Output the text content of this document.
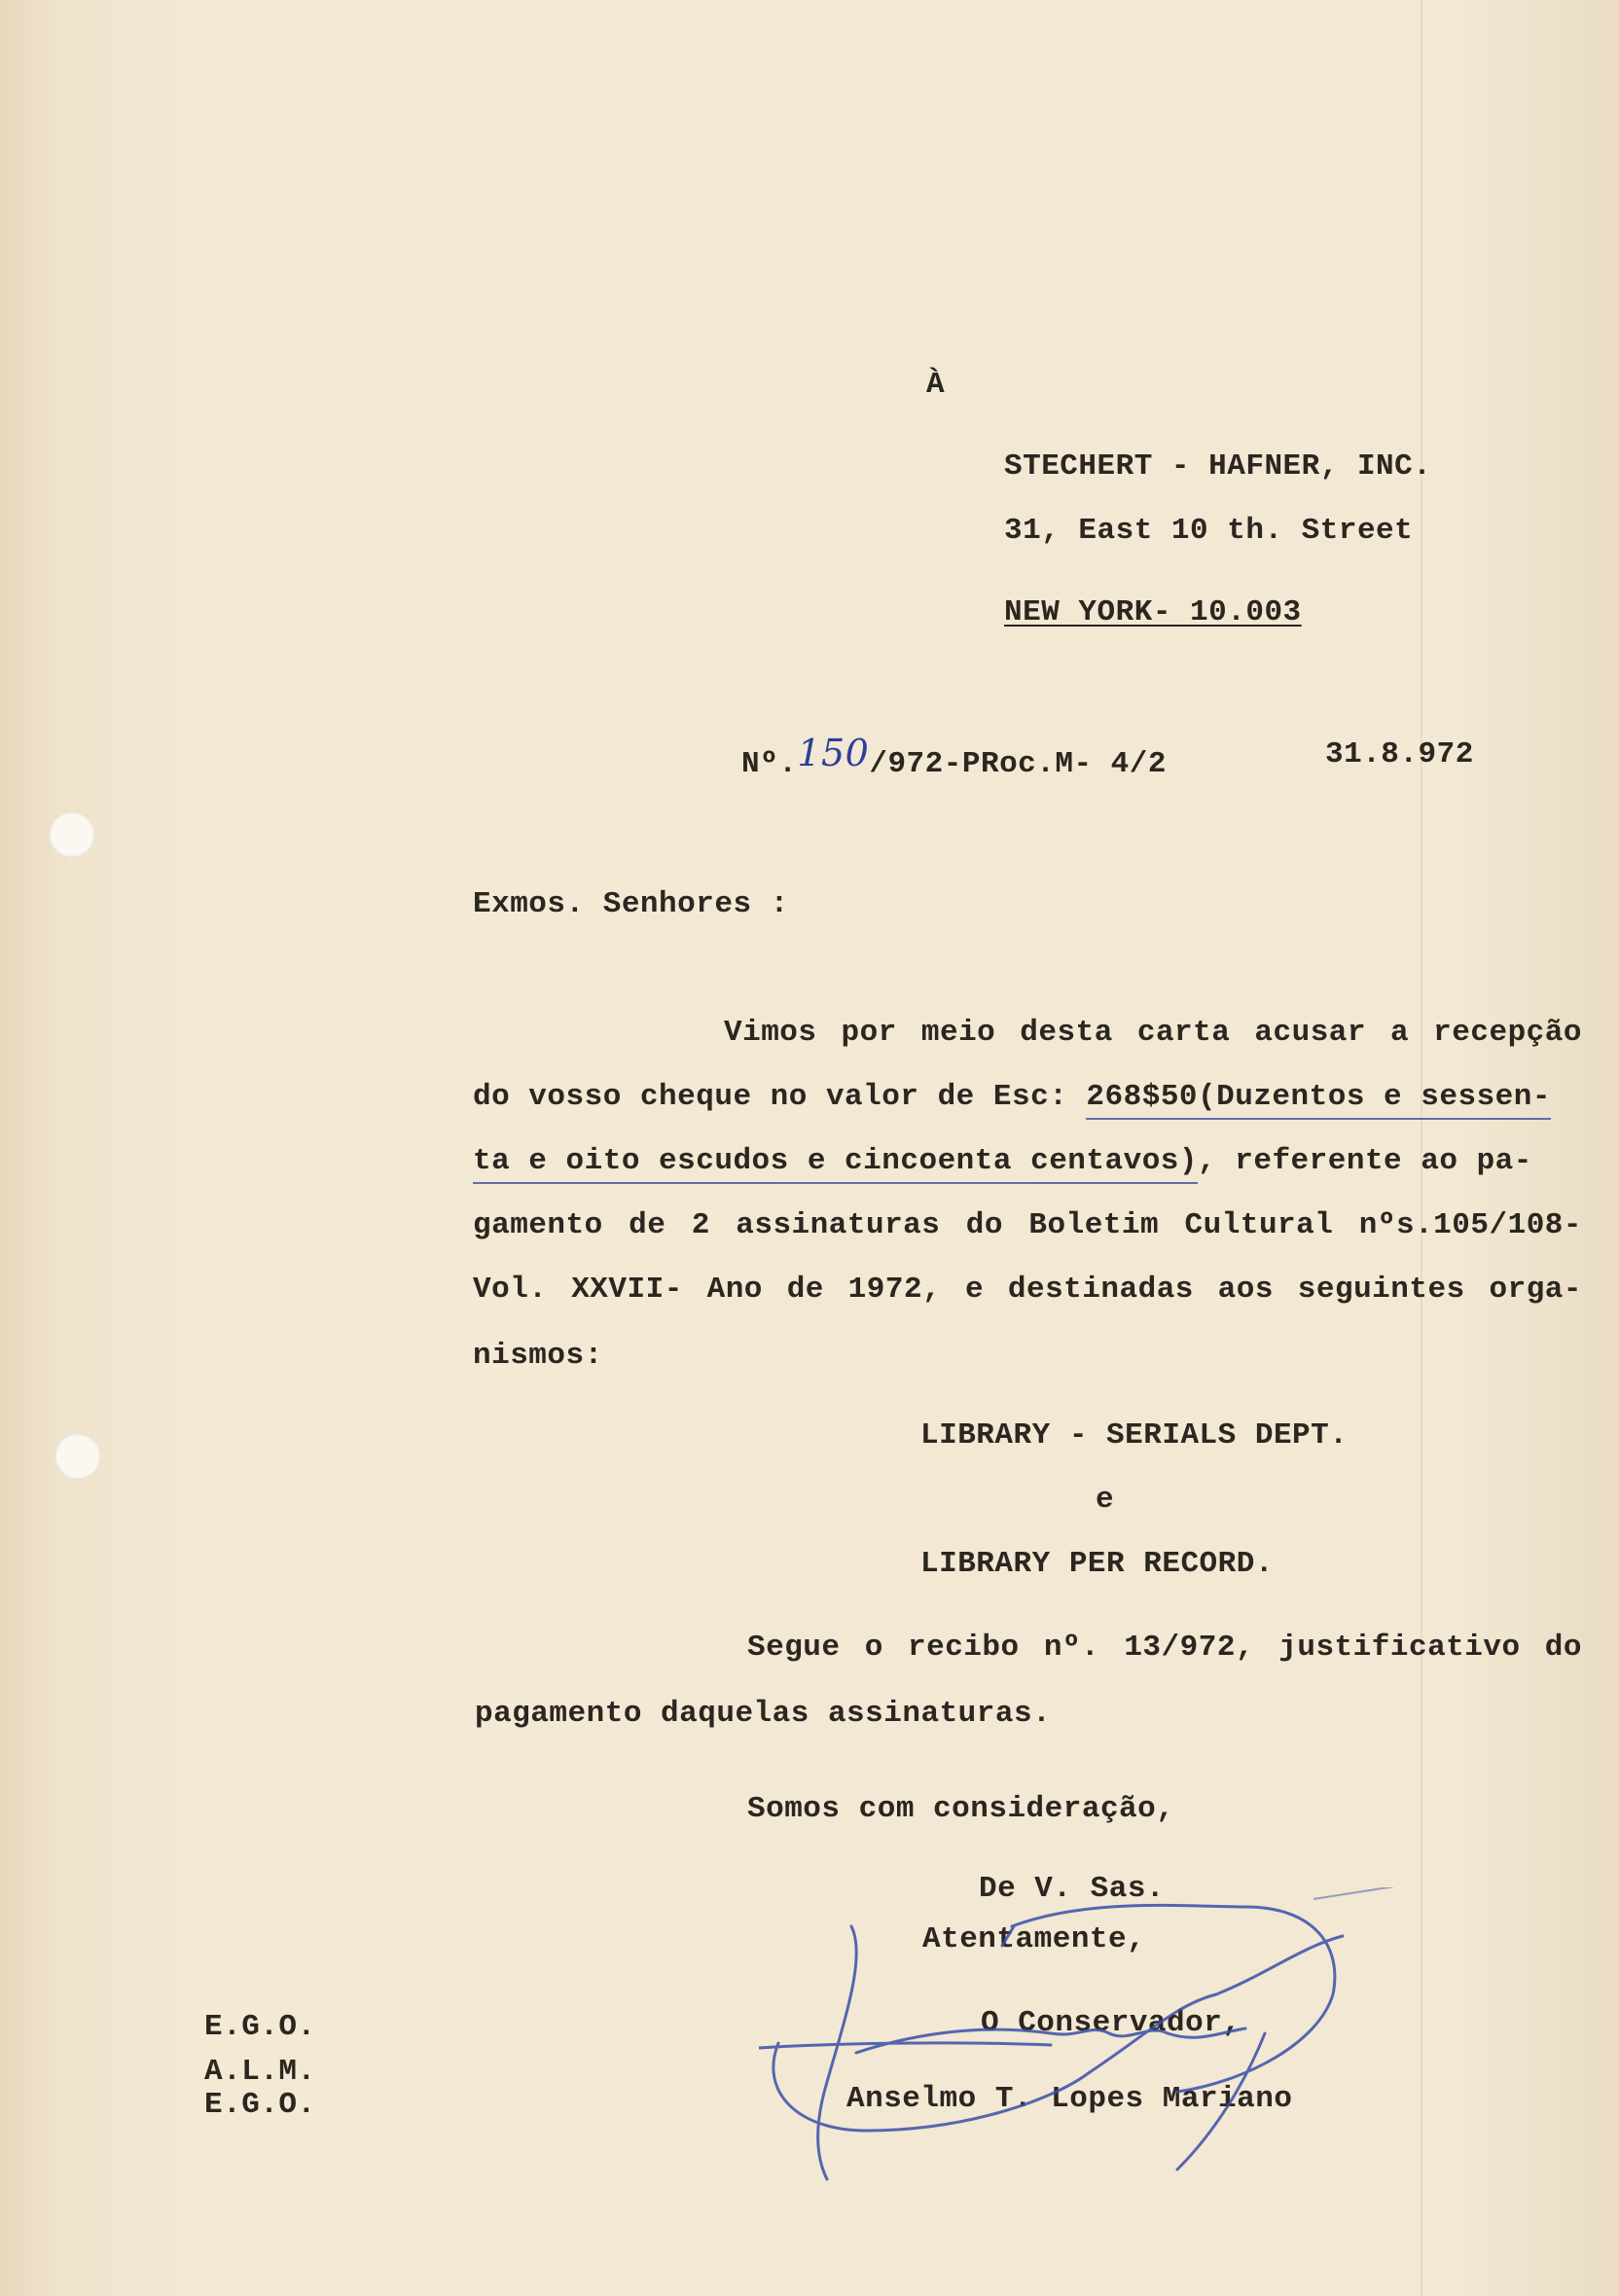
À
STECHERT - HAFNER, INC.
31, East 10 th. Street
NEW YORK- 10.003
Nº.150/972-PRoc.M- 4/2	31.8.972
Exmos. Senhores :
Vimos por meio desta carta acusar a recepção
do vosso cheque no valor de Esc: 268$50(Duzentos e sessen-
ta e oito escudos e cincoenta centavos)
, referente ao pa-
gamento de 2 assinaturas do Boletim Cultural nºs.105/108-
Vol. XXVII- Ano de 1972, e destinadas aos seguintes orga-
nismos:
LIBRARY - SERIALS DEPT.
e
LIBRARY PER RECORD.
Segue o recibo nº. 13/972, justificativo do
pagamento daquelas assinaturas.
Somos com consideração,
De V. Sas.
Atentamente,
O Conservador,
Anselmo T. Lopes Mariano
E.G.O.
A.L.M.
E.G.O.
